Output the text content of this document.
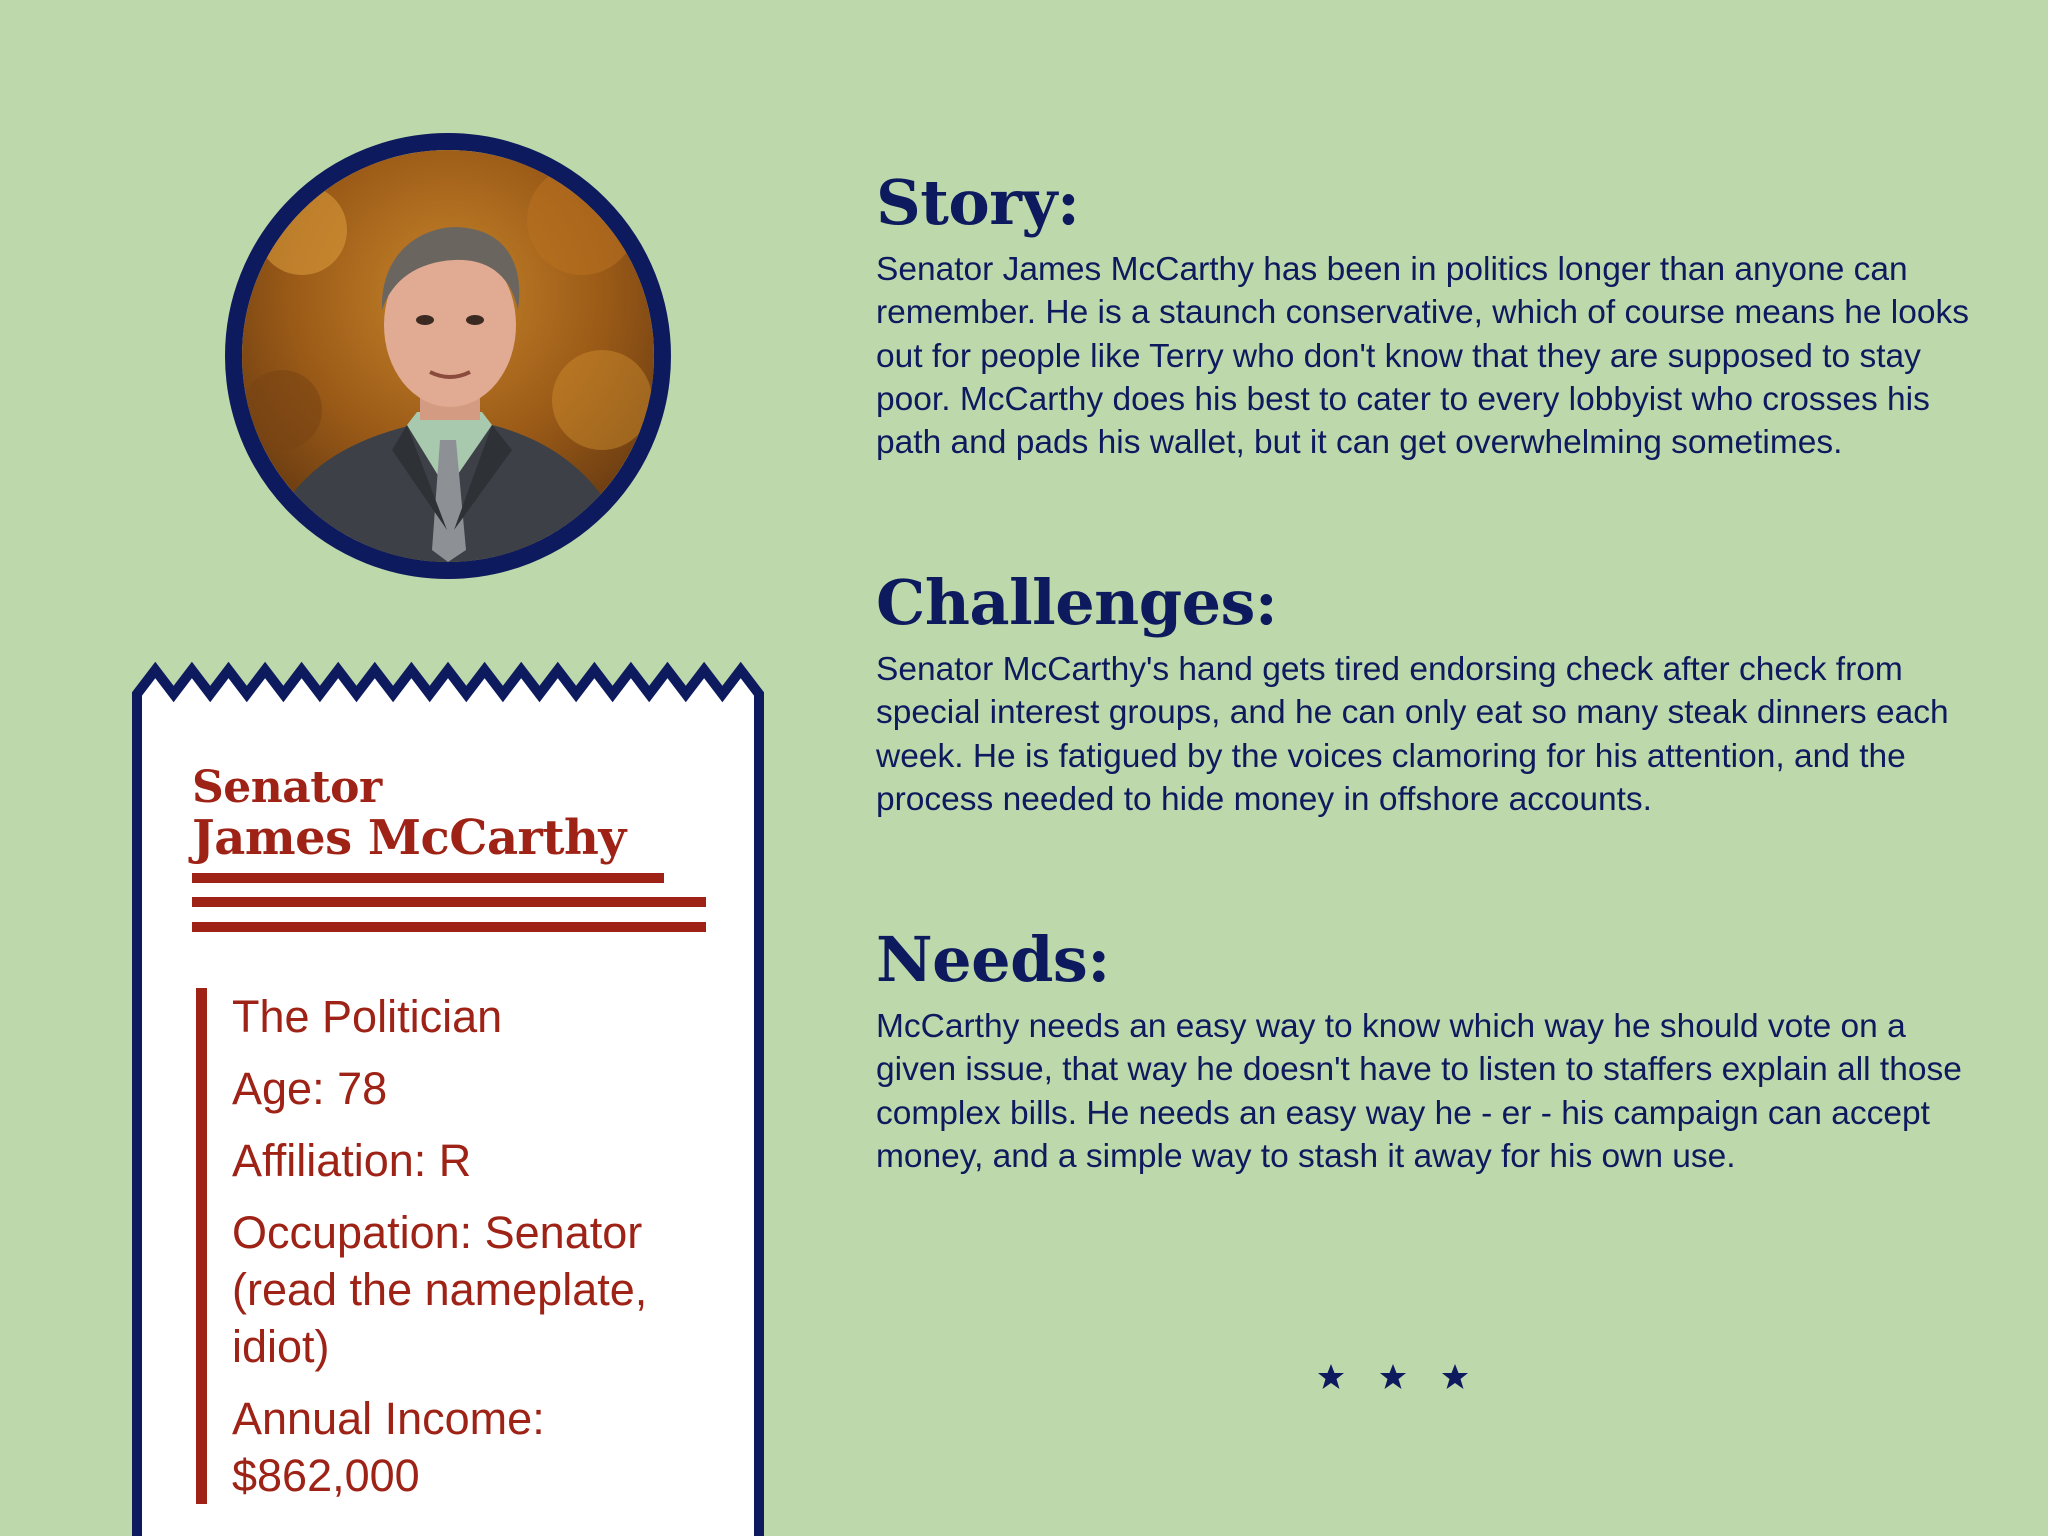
Senator
James McCarthy
The Politician
Age: 78
Affiliation: R
Occupation: Senator (read the nameplate, idiot)
Annual Income: $862,000
Story:

Senator James McCarthy has been in politics longer than anyone can remember. He is a staunch conservative, which of course means he looks out for people like Terry who don't know that they are supposed to stay poor. McCarthy does his best to cater to every lobbyist who crosses his path and pads his wallet, but it can get overwhelming sometimes.

Challenges:

Senator McCarthy's hand gets tired endorsing check after check from special interest groups, and he can only eat so many steak dinners each week. He is fatigued by the voices clamoring for his attention, and the process needed to hide money in offshore accounts.

Needs:

McCarthy needs an easy way to know which way he should vote on a given issue, that way he doesn't have to listen to staffers explain all those complex bills. He needs an easy way he - er - his campaign can accept money, and a simple way to stash it away for his own use.
